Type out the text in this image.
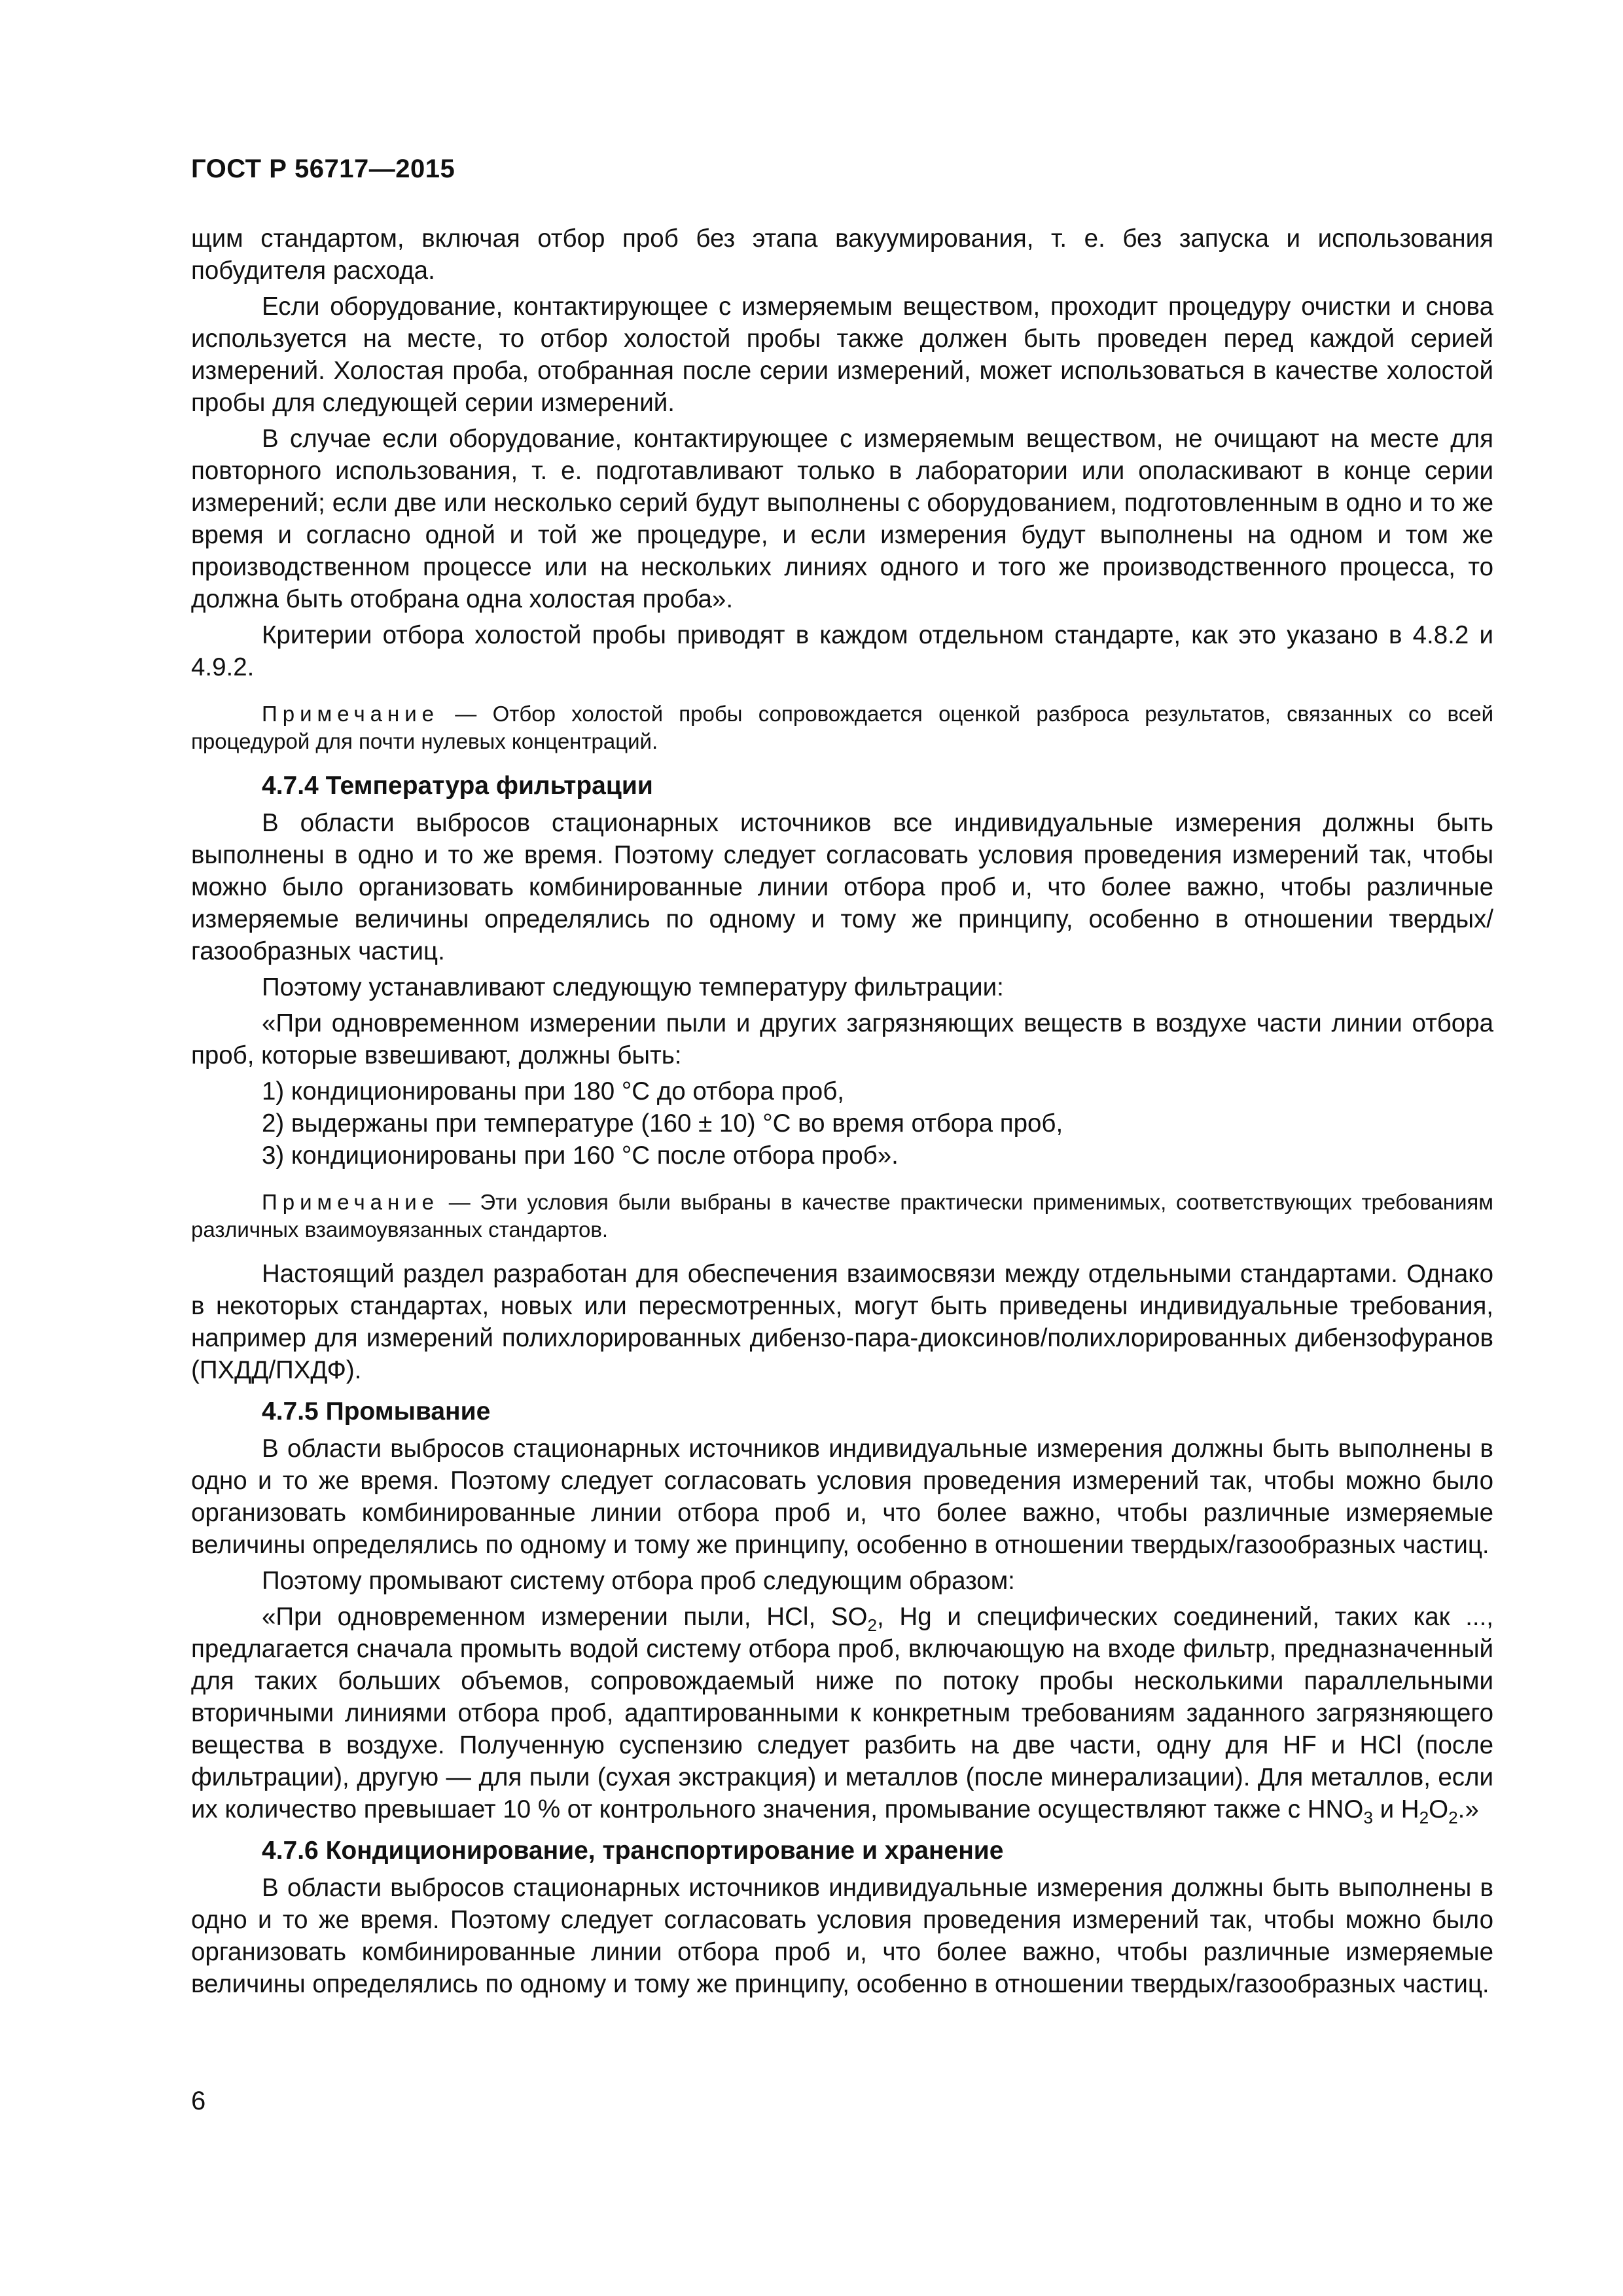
ГОСТ Р 56717—2015

щим стандартом, включая отбор проб без этапа вакуумирования, т. е. без запуска и использования побудителя расхода.

Если оборудование, контактирующее с измеряемым веществом, проходит процедуру очистки и снова используется на месте, то отбор холостой пробы также должен быть проведен перед каждой серией измерений. Холостая проба, отобранная после серии измерений, может использоваться в качестве холостой пробы для следующей серии измерений.

В случае если оборудование, контактирующее с измеряемым веществом, не очищают на месте для повторного использования, т. е. подготавливают только в лаборатории или ополаскивают в конце серии измерений; если две или несколько серий будут выполнены с оборудованием, подготовленным в одно и то же время и согласно одной и той же процедуре, и если измерения будут выполнены на одном и том же производственном процессе или на нескольких линиях одного и того же производственного процесса, то должна быть отобрана одна холостая проба».

Критерии отбора холостой пробы приводят в каждом отдельном стандарте, как это указано в 4.8.2 и 4.9.2.

Примечание — Отбор холостой пробы сопровождается оценкой разброса результатов, связанных со всей процедурой для почти нулевых концентраций.

4.7.4 Температура фильтрации

В области выбросов стационарных источников все индивидуальные измерения должны быть выполнены в одно и то же время. Поэтому следует согласовать условия проведения измерений так, чтобы можно было организовать комбинированные линии отбора проб и, что более важно, чтобы различные измеряемые величины определялись по одному и тому же принципу, особенно в отношении твердых/газообразных частиц.

Поэтому устанавливают следующую температуру фильтрации:

«При одновременном измерении пыли и других загрязняющих веществ в воздухе части линии отбора проб, которые взвешивают, должны быть:

1) кондиционированы при 180 °С до отбора проб,

2) выдержаны при температуре (160 ± 10) °С во время отбора проб,

3) кондиционированы при 160 °С после отбора проб».

Примечание — Эти условия были выбраны в качестве практически применимых, соответствующих требованиям различных взаимоувязанных стандартов.

Настоящий раздел разработан для обеспечения взаимосвязи между отдельными стандартами. Однако в некоторых стандартах, новых или пересмотренных, могут быть приведены индивидуальные требования, например для измерений полихлорированных дибензо-пара-диоксинов/полихлорированных дибензофуранов (ПХДД/ПХДФ).

4.7.5 Промывание

В области выбросов стационарных источников индивидуальные измерения должны быть выполнены в одно и то же время. Поэтому следует согласовать условия проведения измерений так, чтобы можно было организовать комбинированные линии отбора проб и, что более важно, чтобы различные измеряемые величины определялись по одному и тому же принципу, особенно в отношении твердых/газообразных частиц.

Поэтому промывают систему отбора проб следующим образом:

«При одновременном измерении пыли, HCl, $SO_2$, Hg и специфических соединений, таких как ..., предлагается сначала промыть водой систему отбора проб, включающую на входе фильтр, предназначенный для таких больших объемов, сопровождаемый ниже по потоку пробы несколькими параллельными вторичными линиями отбора проб, адаптированными к конкретным требованиям заданного загрязняющего вещества в воздухе. Полученную суспензию следует разбить на две части, одну для HF и HCl (после фильтрации), другую — для пыли (сухая экстракция) и металлов (после минерализации). Для металлов, если их количество превышает 10 % от контрольного значения, промывание осуществляют также с $HNO_3$ и $H_2O_2$.»

4.7.6 Кондиционирование, транспортирование и хранение

В области выбросов стационарных источников индивидуальные измерения должны быть выполнены в одно и то же время. Поэтому следует согласовать условия проведения измерений так, чтобы можно было организовать комбинированные линии отбора проб и, что более важно, чтобы различные измеряемые величины определялись по одному и тому же принципу, особенно в отношении твердых/газообразных частиц.

6
